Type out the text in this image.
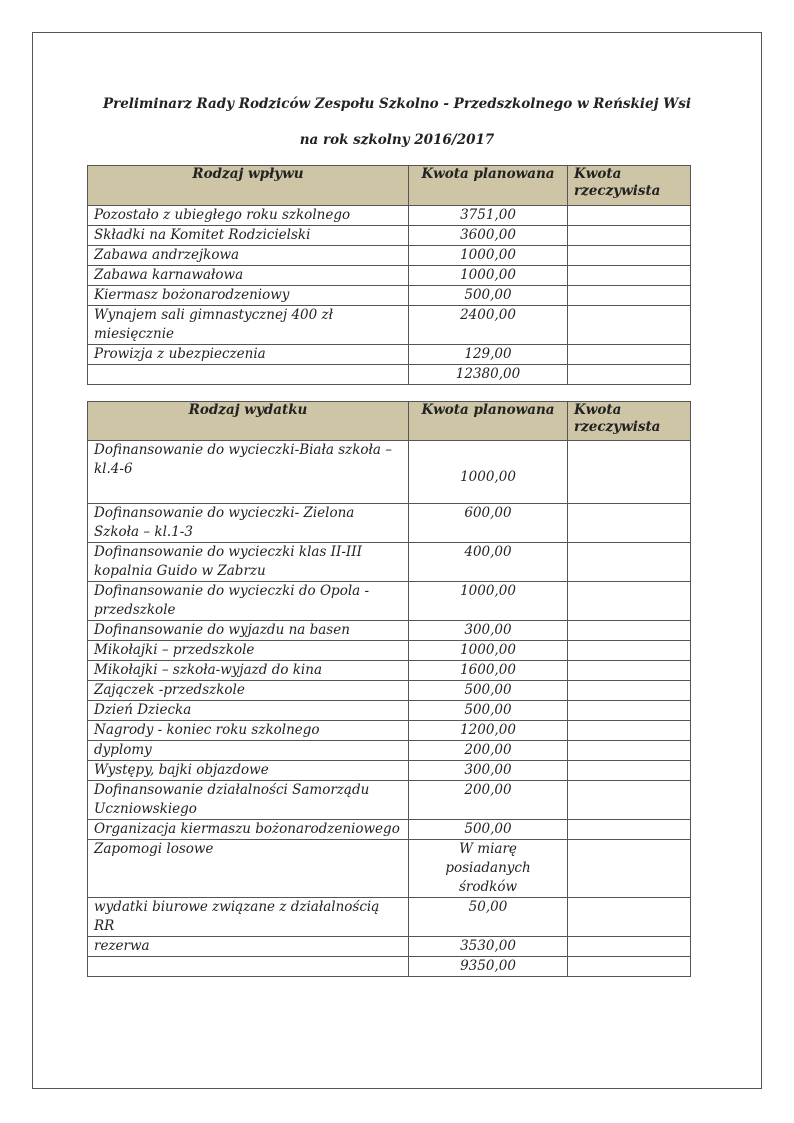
Preliminarz Rady Rodziców Zespołu Szkolno - Przedszkolnego w Reńskiej Wsi
na rok szkolny 2016/2017
Rodzaj wpływu	Kwota planowana	Kwota rzeczywista
Pozostało z ubiegłego roku szkolnego	3751,00	
Składki na Komitet Rodzicielski	3600,00	
Zabawa andrzejkowa	1000,00	
Zabawa karnawałowa	1000,00	
Kiermasz bożonarodzeniowy	500,00	
Wynajem sali gimnastycznej 400 zł miesięcznie	2400,00	
Prowizja z ubezpieczenia	129,00	
	12380,00	
Rodzaj wydatku	Kwota planowana	Kwota rzeczywista
Dofinansowanie do wycieczki-Biała szkoła – kl.4-6	1000,00	
Dofinansowanie do wycieczki- Zielona Szkoła – kl.1-3	600,00	
Dofinansowanie do wycieczki klas II-III kopalnia Guido w Zabrzu	400,00	
Dofinansowanie do wycieczki do Opola - przedszkole	1000,00	
Dofinansowanie do wyjazdu na basen	300,00	
Mikołajki – przedszkole	1000,00	
Mikołajki – szkoła-wyjazd do kina	1600,00	
Zajączek -przedszkole	500,00	
Dzień Dziecka	500,00	
Nagrody - koniec roku szkolnego	1200,00	
dyplomy	200,00	
Występy, bajki objazdowe	300,00	
Dofinansowanie działalności Samorządu Uczniowskiego	200,00	
Organizacja kiermaszu bożonarodzeniowego	500,00	
Zapomogi losowe	W miarę posiadanych środków	
wydatki biurowe związane z działalnością RR	50,00	
rezerwa	3530,00	
	9350,00	
